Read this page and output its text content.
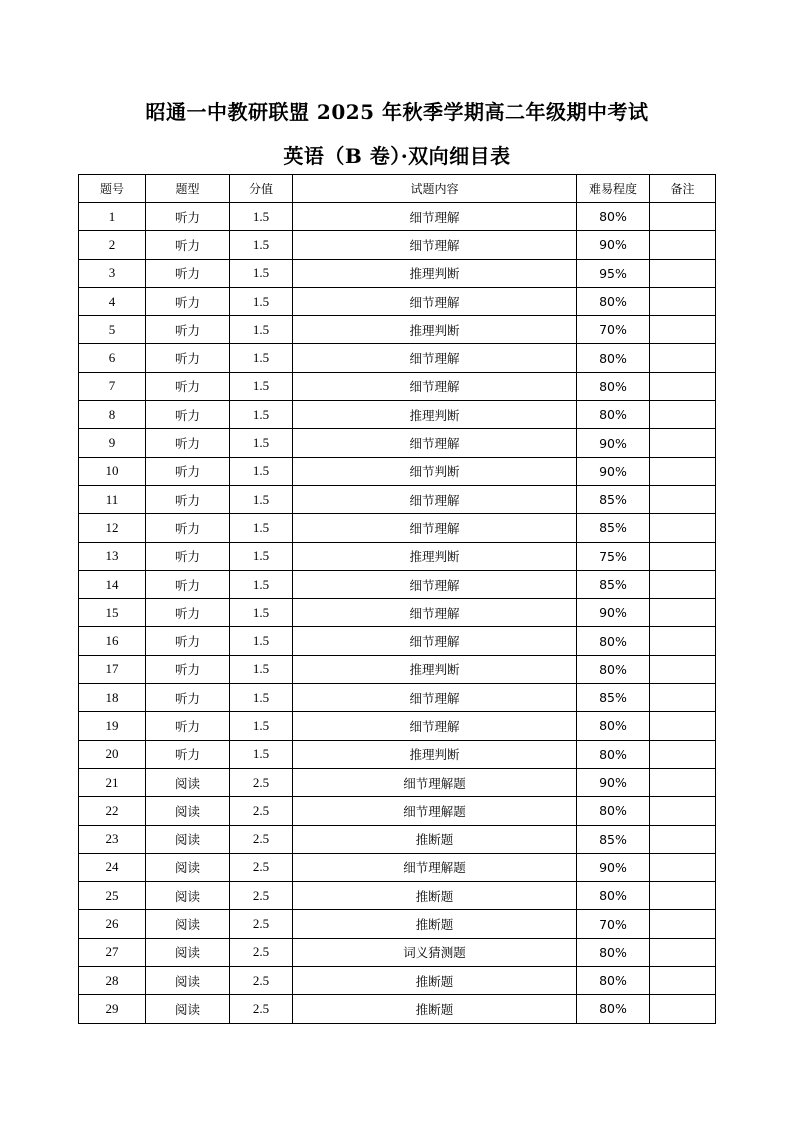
昭通一中教研联盟 2025 年秋季学期高二年级期中考试
英语（B 卷）·双向细目表
题号	题型	分值	试题内容	难易程度	备注
1	听力	1.5	细节理解	80%	
2	听力	1.5	细节理解	90%	
3	听力	1.5	推理判断	95%	
4	听力	1.5	细节理解	80%	
5	听力	1.5	推理判断	70%	
6	听力	1.5	细节理解	80%	
7	听力	1.5	细节理解	80%	
8	听力	1.5	推理判断	80%	
9	听力	1.5	细节理解	90%	
10	听力	1.5	细节判断	90%	
11	听力	1.5	细节理解	85%	
12	听力	1.5	细节理解	85%	
13	听力	1.5	推理判断	75%	
14	听力	1.5	细节理解	85%	
15	听力	1.5	细节理解	90%	
16	听力	1.5	细节理解	80%	
17	听力	1.5	推理判断	80%	
18	听力	1.5	细节理解	85%	
19	听力	1.5	细节理解	80%	
20	听力	1.5	推理判断	80%	
21	阅读	2.5	细节理解题	90%	
22	阅读	2.5	细节理解题	80%	
23	阅读	2.5	推断题	85%	
24	阅读	2.5	细节理解题	90%	
25	阅读	2.5	推断题	80%	
26	阅读	2.5	推断题	70%	
27	阅读	2.5	词义猜测题	80%	
28	阅读	2.5	推断题	80%	
29	阅读	2.5	推断题	80%	
